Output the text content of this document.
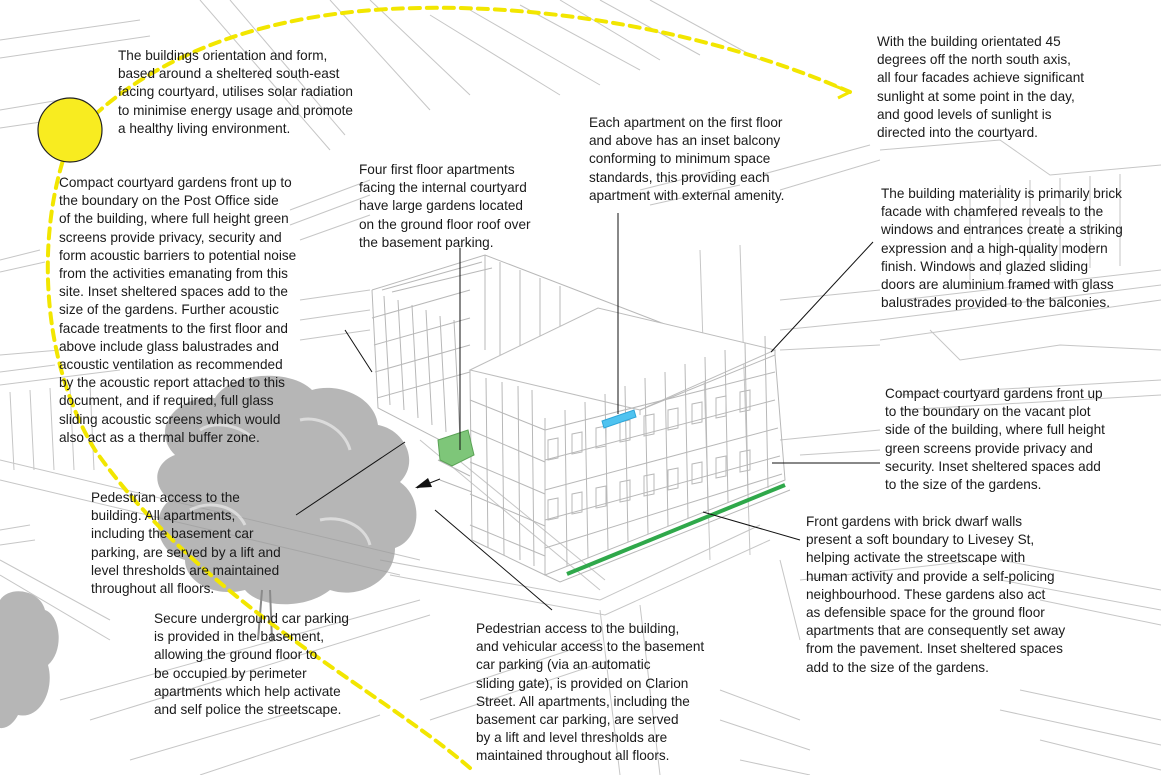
The buildings orientation and form,
based around a sheltered south-east
facing courtyard, utilises solar radiation
to minimise energy usage and promote
a healthy living environment.

With the building orientated 45
degrees off the north south axis,
all four facades achieve significant
sunlight at some point in the day,
and good levels of sunlight is
directed into the courtyard.

Compact courtyard gardens front up to
the boundary on the Post Office side
of the building, where full height green
screens provide privacy, security and
form acoustic barriers to potential noise
from the activities emanating from this
site. Inset sheltered spaces add to the
size of the gardens. Further acoustic
facade treatments to the first floor and
above include glass balustrades and
acoustic ventilation as recommended
by the acoustic report attached to this
document, and if required, full glass
sliding acoustic screens which would
also act as a thermal buffer zone.

Four first floor apartments
facing the internal courtyard
have large gardens located
on the ground floor roof over
the basement parking.

Each apartment on the first floor
and above has an inset balcony
conforming to minimum space
standards, this providing each
apartment with external amenity.	The building materiality is primarily brick
facade with chamfered reveals to the
windows and entrances create a striking
expression and a high-quality modern
finish. Windows and glazed sliding
doors are aluminium framed with glass
balustrades provided to the balconies.

Compact courtyard gardens front up
to the boundary on the vacant plot
side of the building, where full height
green screens provide privacy and
security. Inset sheltered spaces add
to the size of the gardens.

Pedestrian access to the
building. All apartments,
including the basement car
parking, are served by a lift and
level thresholds are maintained
throughout all floors.

Front gardens with brick dwarf walls
present a soft boundary to Livesey St,
helping activate the streetscape with
human activity and provide a self-policing
neighbourhood. These gardens also act
as defensible space for the ground floor
apartments that are consequently set away
from the pavement. Inset sheltered spaces
add to the size of the gardens.

Secure underground car parking
is provided in the basement,
allowing the ground floor to
be occupied by perimeter
apartments which help activate
and self police the streetscape.

Pedestrian access to the building,
and vehicular access to the basement
car parking (via an automatic
sliding gate), is provided on Clarion
Street. All apartments, including the
basement car parking, are served
by a lift and level thresholds are
maintained throughout all floors.
